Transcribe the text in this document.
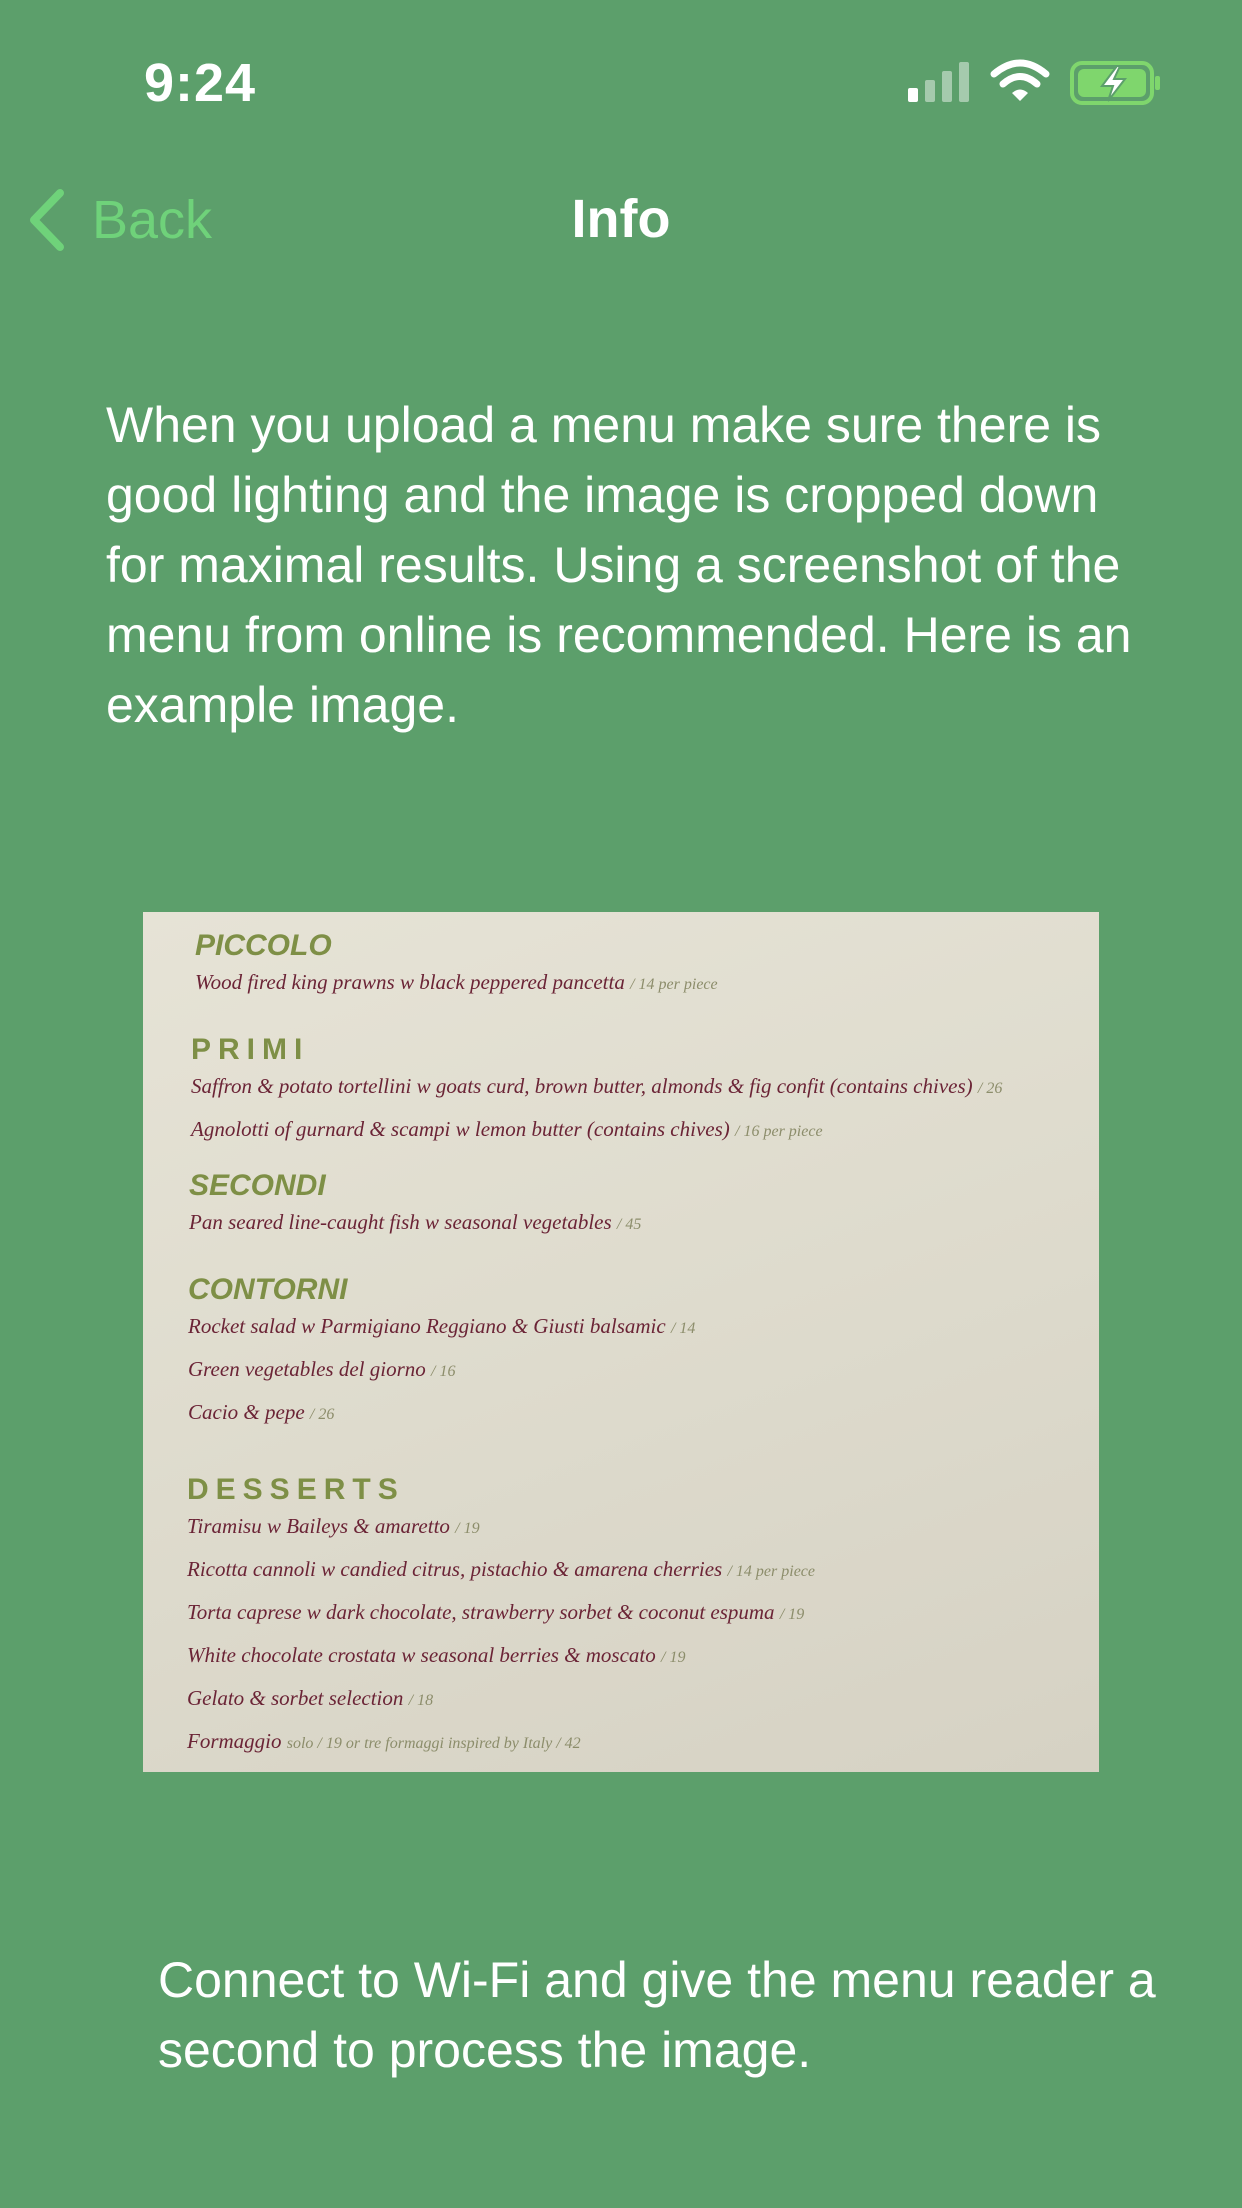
9:24
Back	Info
When you upload a menu make sure there is good lighting and the image is cropped down for maximal results. Using a screenshot of the menu from online is recommended. Here is an example image.
PICCOLO
Wood fired king prawns w black peppered pancetta / 14 per piece
PRIMI
Saffron & potato tortellini w goats curd, brown butter, almonds & fig confit (contains chives) / 26
Agnolotti of gurnard & scampi w lemon butter (contains chives) / 16 per piece
SECONDI
Pan seared line-caught fish w seasonal vegetables / 45
CONTORNI
Rocket salad w Parmigiano Reggiano & Giusti balsamic / 14
Green vegetables del giorno / 16
Cacio & pepe / 26
DESSERTS
Tiramisu w Baileys & amaretto / 19
Ricotta cannoli w candied citrus, pistachio & amarena cherries / 14 per piece
Torta caprese w dark chocolate, strawberry sorbet & coconut espuma / 19
White chocolate crostata w seasonal berries & moscato / 19
Gelato & sorbet selection / 18
Formaggio solo / 19 or tre formaggi inspired by Italy / 42
Connect to Wi-Fi and give the menu reader a second to process the image.
